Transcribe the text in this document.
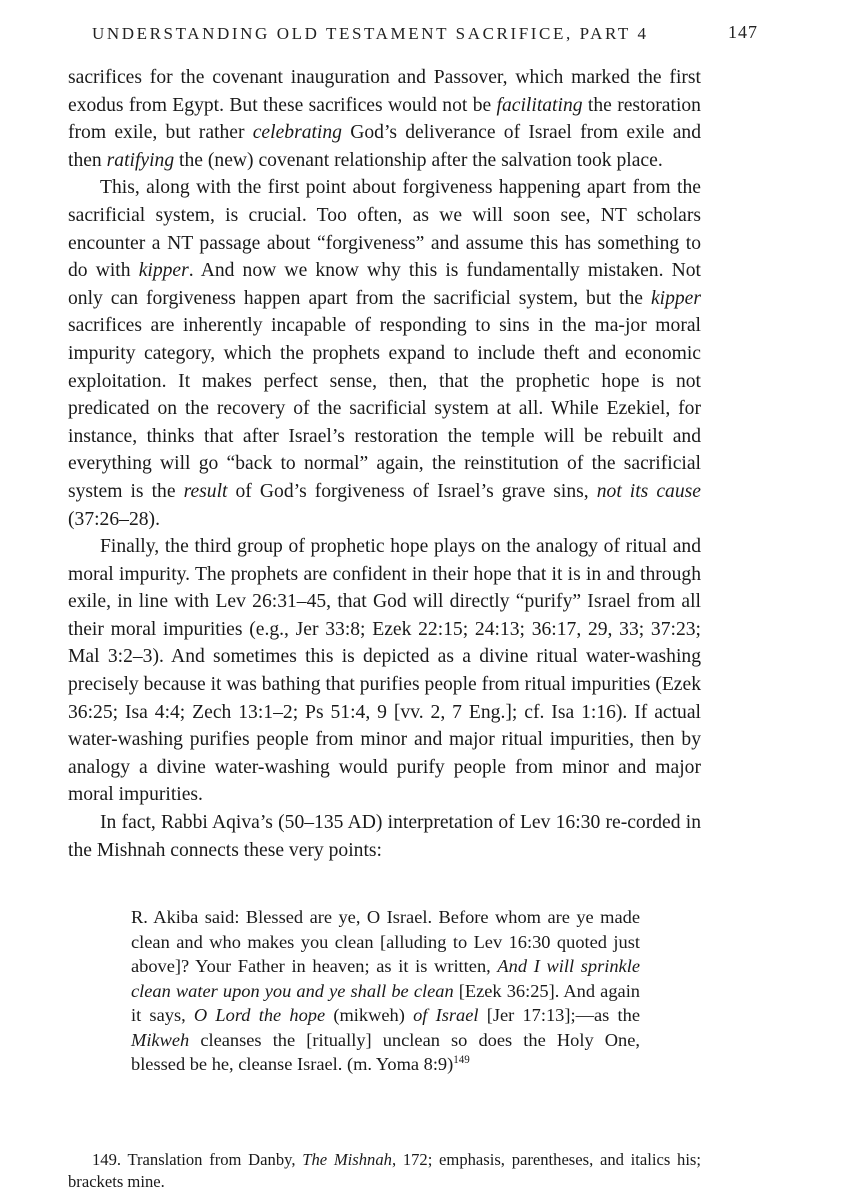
UNDERSTANDING OLD TESTAMENT SACRIFICE, PART 4	147

sacrifices for the covenant inauguration and Passover, which marked the first exodus from Egypt. But these sacrifices would not be facilitating the restoration from exile, but rather celebrating God’s deliverance of Israel from exile and then ratifying the (new) covenant relationship after the salvation took place.

This, along with the first point about forgiveness happening apart from the sacrificial system, is crucial. Too often, as we will soon see, NT scholars encounter a NT passage about “forgiveness” and assume this has something to do with kipper. And now we know why this is fundamentally mistaken. Not only can forgiveness happen apart from the sacrificial system, but the kipper sacrifices are inherently incapable of responding to sins in the ma-jor moral impurity category, which the prophets expand to include theft and economic exploitation. It makes perfect sense, then, that the prophetic hope is not predicated on the recovery of the sacrificial system at all. While Ezekiel, for instance, thinks that after Israel’s restoration the temple will be rebuilt and everything will go “back to normal” again, the reinstitution of the sacrificial system is the result of God’s forgiveness of Israel’s grave sins, not its cause (37:26–28).

Finally, the third group of prophetic hope plays on the analogy of ritual and moral impurity. The prophets are confident in their hope that it is in and through exile, in line with Lev 26:31–45, that God will directly “purify” Israel from all their moral impurities (e.g., Jer 33:8; Ezek 22:15; 24:13; 36:17, 29, 33; 37:23; Mal 3:2–3). And sometimes this is depicted as a divine ritual water-washing precisely because it was bathing that purifies people from ritual impurities (Ezek 36:25; Isa 4:4; Zech 13:1–2; Ps 51:4, 9 [vv. 2, 7 Eng.]; cf. Isa 1:16). If actual water-washing purifies people from minor and major ritual impurities, then by analogy a divine water-washing would purify people from minor and major moral impurities.

In fact, Rabbi Aqiva’s (50–135 AD) interpretation of Lev 16:30 re-corded in the Mishnah connects these very points:

R. Akiba said: Blessed are ye, O Israel. Before whom are ye made clean and who makes you clean [alluding to Lev 16:30 quoted just above]? Your Father in heaven; as it is written, And I will sprinkle clean water upon you and ye shall be clean [Ezek 36:25]. And again it says, O Lord the hope (mikweh) of Israel [Jer 17:13];—as the Mikweh cleanses the [ritually] unclean so does the Holy One, blessed be he, cleanse Israel. (m. Yoma 8:9)$^{149}$
149. Translation from Danby, The Mishnah, 172; emphasis, parentheses, and italics his; brackets mine.
